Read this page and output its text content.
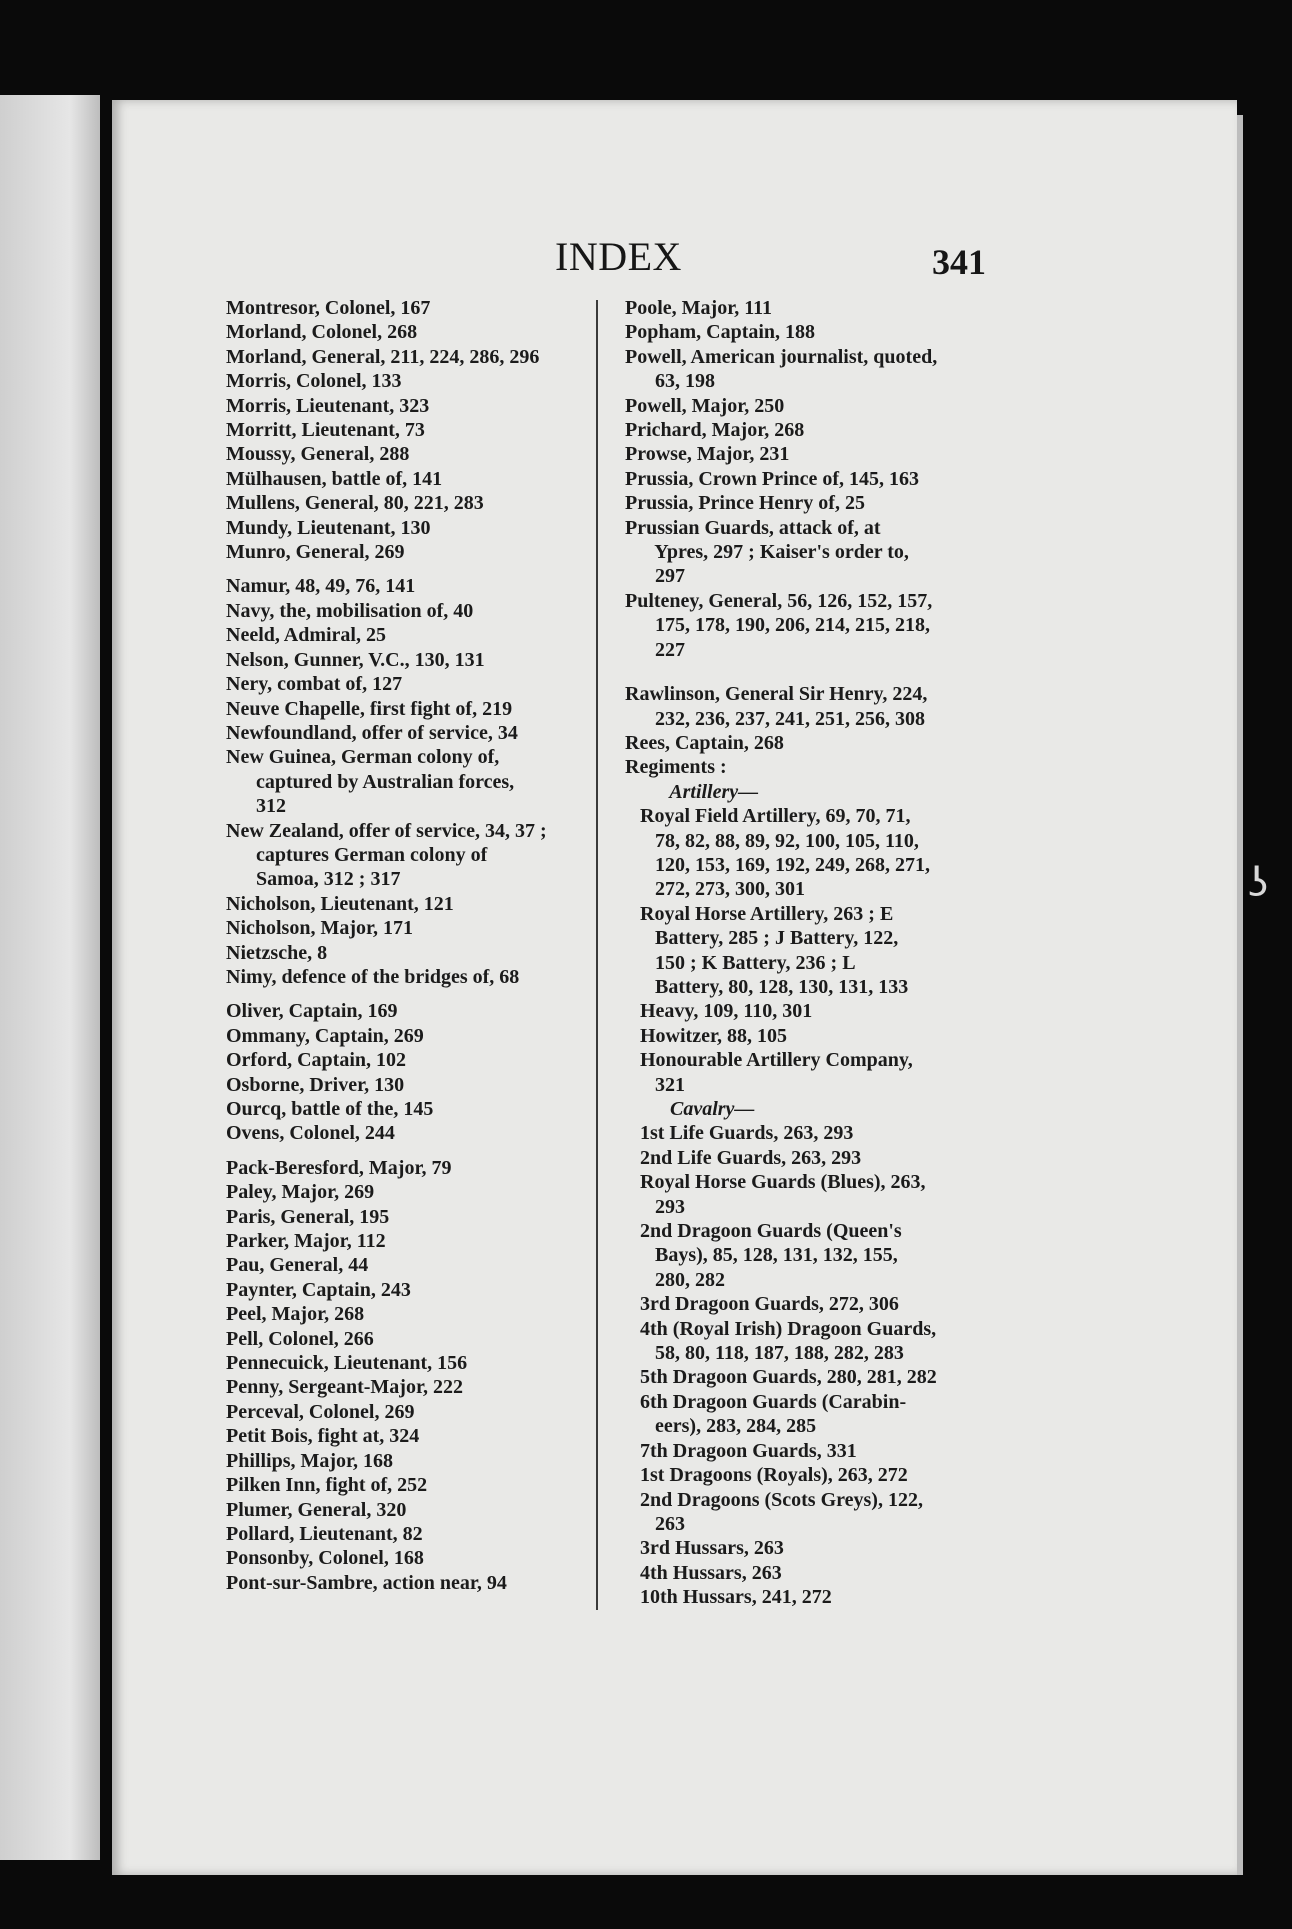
INDEX	341
Montresor, Colonel, 167
Morland, Colonel, 268
Morland, General, 211, 224, 286, 296
Morris, Colonel, 133
Morris, Lieutenant, 323
Morritt, Lieutenant, 73
Moussy, General, 288
Mülhausen, battle of, 141
Mullens, General, 80, 221, 283
Mundy, Lieutenant, 130
Munro, General, 269
Namur, 48, 49, 76, 141
Navy, the, mobilisation of, 40
Neeld, Admiral, 25
Nelson, Gunner, V.C., 130, 131
Nery, combat of, 127
Neuve Chapelle, first fight of, 219
Newfoundland, offer of service, 34
New Guinea, German colony of,
captured by Australian forces,
312
New Zealand, offer of service, 34, 37 ;
captures German colony of
Samoa, 312 ; 317
Nicholson, Lieutenant, 121
Nicholson, Major, 171
Nietzsche, 8
Nimy, defence of the bridges of, 68
Oliver, Captain, 169
Ommany, Captain, 269
Orford, Captain, 102
Osborne, Driver, 130
Ourcq, battle of the, 145
Ovens, Colonel, 244
Pack-Beresford, Major, 79
Paley, Major, 269
Paris, General, 195
Parker, Major, 112
Pau, General, 44
Paynter, Captain, 243
Peel, Major, 268
Pell, Colonel, 266
Pennecuick, Lieutenant, 156
Penny, Sergeant-Major, 222
Perceval, Colonel, 269
Petit Bois, fight at, 324
Phillips, Major, 168
Pilken Inn, fight of, 252
Plumer, General, 320
Pollard, Lieutenant, 82
Ponsonby, Colonel, 168
Pont-sur-Sambre, action near, 94
Poole, Major, 111
Popham, Captain, 188
Powell, American journalist, quoted,
63, 198
Powell, Major, 250
Prichard, Major, 268
Prowse, Major, 231
Prussia, Crown Prince of, 145, 163
Prussia, Prince Henry of, 25
Prussian Guards, attack of, at
Ypres, 297 ; Kaiser's order to,
297
Pulteney, General, 56, 126, 152, 157,
175, 178, 190, 206, 214, 215, 218,
227
Rawlinson, General Sir Henry, 224,
232, 236, 237, 241, 251, 256, 308
Rees, Captain, 268
Regiments :
Artillery—
Royal Field Artillery, 69, 70, 71,
78, 82, 88, 89, 92, 100, 105, 110,
120, 153, 169, 192, 249, 268, 271,
272, 273, 300, 301
Royal Horse Artillery, 263 ; E
Battery, 285 ; J Battery, 122,
150 ; K Battery, 236 ; L
Battery, 80, 128, 130, 131, 133
Heavy, 109, 110, 301
Howitzer, 88, 105
Honourable Artillery Company,
321
Cavalry—
1st Life Guards, 263, 293
2nd Life Guards, 263, 293
Royal Horse Guards (Blues), 263,
293
2nd Dragoon Guards (Queen's
Bays), 85, 128, 131, 132, 155,
280, 282
3rd Dragoon Guards, 272, 306
4th (Royal Irish) Dragoon Guards,
58, 80, 118, 187, 188, 282, 283
5th Dragoon Guards, 280, 281, 282
6th Dragoon Guards (Carabin-
eers), 283, 284, 285
7th Dragoon Guards, 331
1st Dragoons (Royals), 263, 272
2nd Dragoons (Scots Greys), 122,
263
3rd Hussars, 263
4th Hussars, 263
10th Hussars, 241, 272
ʖ
